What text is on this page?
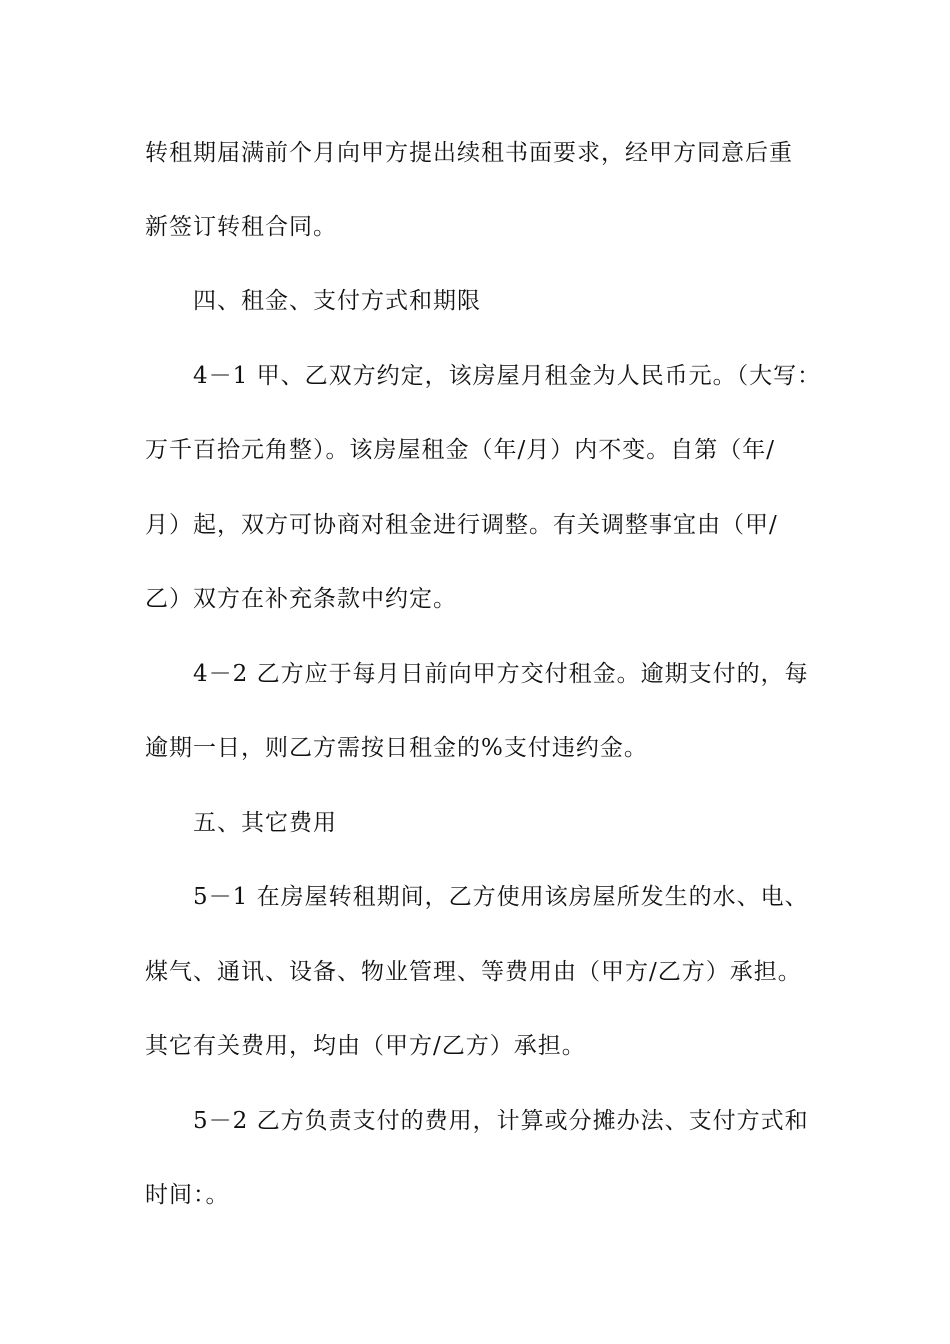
转租期届满前个月向甲方提出续租书面要求，经甲方同意后重

新签订转租合同。

四、租金、支付方式和期限

4－1 甲、乙双方约定，该房屋月租金为人民币元。（大写：

万千百拾元角整）。该房屋租金（年/月）内不变。自第（年/

月）起，双方可协商对租金进行调整。有关调整事宜由（甲/

乙）双方在补充条款中约定。

4－2 乙方应于每月日前向甲方交付租金。逾期支付的，每

逾期一日，则乙方需按日租金的%支付违约金。

五、其它费用

5－1 在房屋转租期间，乙方使用该房屋所发生的水、电、

煤气、通讯、设备、物业管理、等费用由（甲方/乙方）承担。

其它有关费用，均由（甲方/乙方）承担。

5－2 乙方负责支付的费用，计算或分摊办法、支付方式和

时间：。
